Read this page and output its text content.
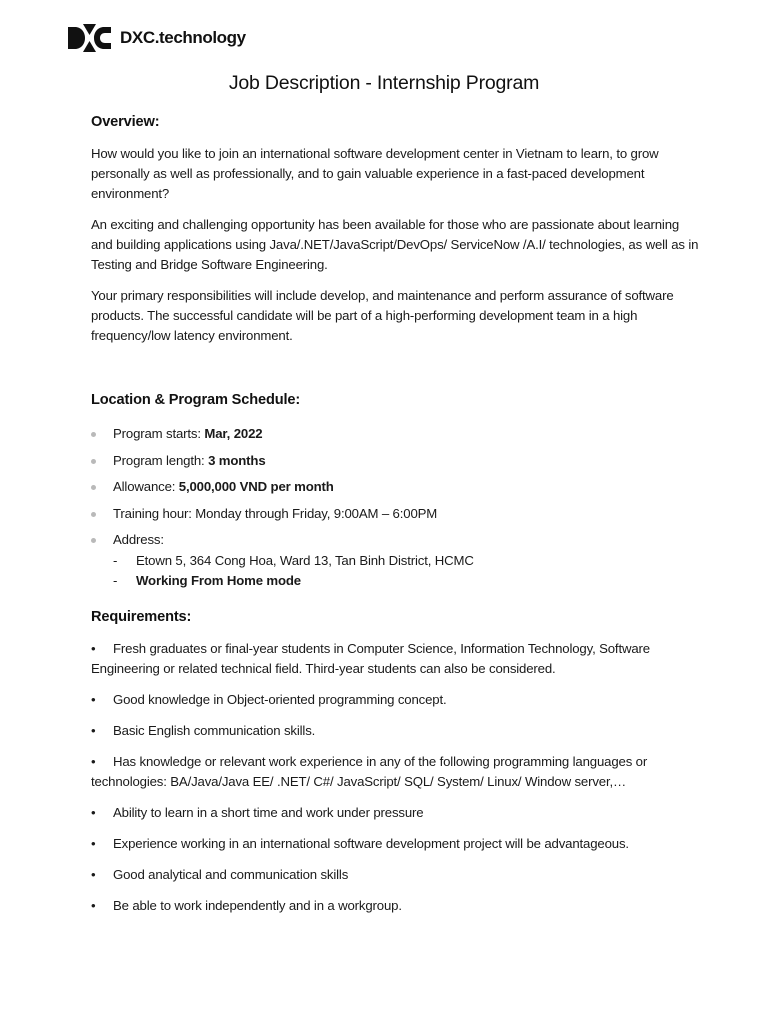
DXC.technology
Job Description - Internship Program
Overview:

How would you like to join an international software development center in Vietnam to learn, to grow personally as well as professionally, and to gain valuable experience in a fast-paced development environment?

An exciting and challenging opportunity has been available for those who are passionate about learning and building applications using Java/.NET/JavaScript/DevOps/ ServiceNow /A.I/ technologies, as well as in Testing and Bridge Software Engineering.

Your primary responsibilities will include develop, and maintenance and perform assurance of software products. The successful candidate will be part of a high-performing development team in a high frequency/low latency environment.

Location & Program Schedule:
Program starts: Mar, 2022
Program length: 3 months
Allowance: 5,000,000 VND per month
Training hour: Monday through Friday, 9:00AM – 6:00PM
Address:
- Etown 5, 364 Cong Hoa, Ward 13, Tan Binh District, HCMC
- Working From Home mode
Requirements:
• Fresh graduates or final-year students in Computer Science, Information Technology, Software Engineering or related technical field. Third-year students can also be considered.
• Good knowledge in Object-oriented programming concept.
• Basic English communication skills.
• Has knowledge or relevant work experience in any of the following programming languages or technologies: BA/Java/Java EE/ .NET/ C#/ JavaScript/ SQL/ System/ Linux/ Window server,…
• Ability to learn in a short time and work under pressure
• Experience working in an international software development project will be advantageous.
• Good analytical and communication skills
• Be able to work independently and in a workgroup.
